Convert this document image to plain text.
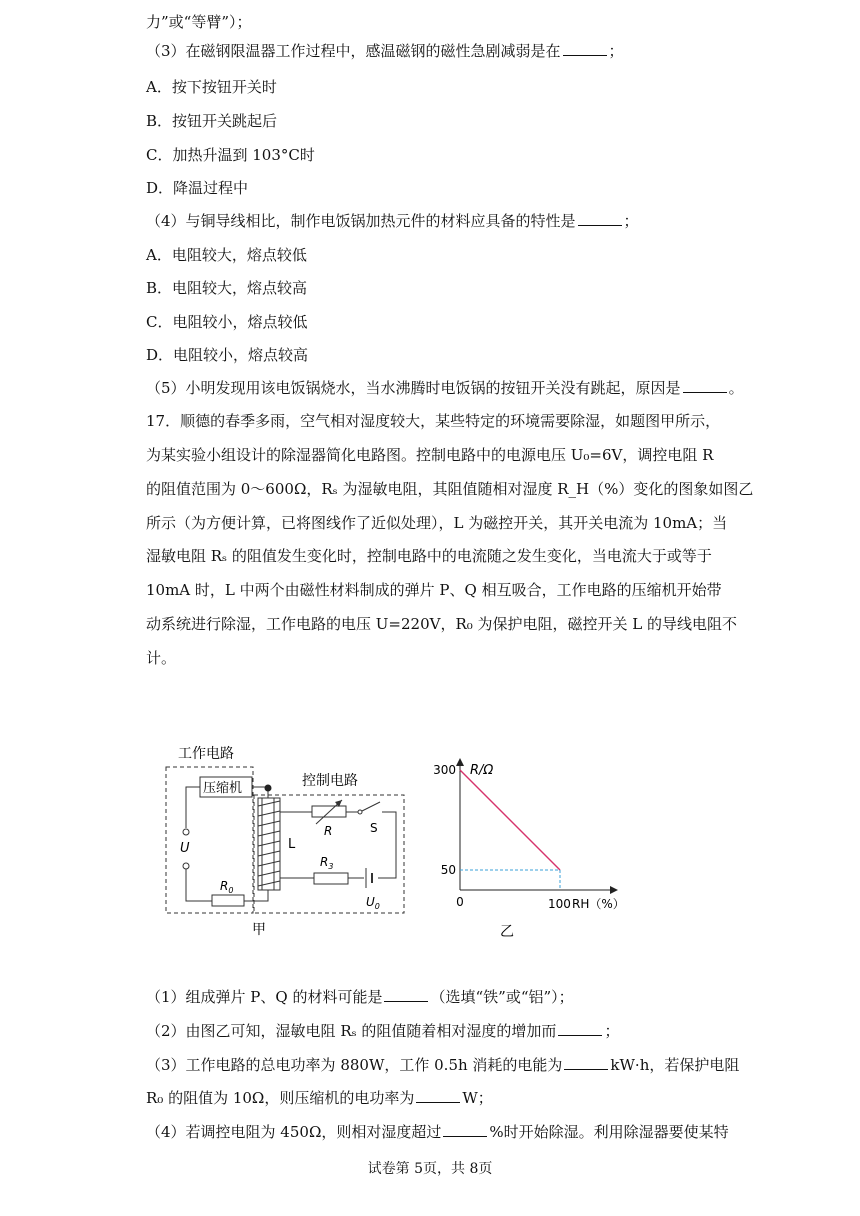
力”或“等臂”）；
（3）在磁钢限温器工作过程中，感温磁钢的磁性急剧减弱是在	；
A．按下按钮开关时
B．按钮开关跳起后
C．加热升温到 103°C时
D．降温过程中
（4）与铜导线相比，制作电饭锅加热元件的材料应具备的特性是	；
A．电阻较大，熔点较低
B．电阻较大，熔点较高
C．电阻较小，熔点较低
D．电阻较小，熔点较高
（5）小明发现用该电饭锅烧水，当水沸腾时电饭锅的按钮开关没有跳起，原因是	。
17．顺德的春季多雨，空气相对湿度较大，某些特定的环境需要除湿，如题图甲所示，
为某实验小组设计的除湿器简化电路图。控制电路中的电源电压 U₀=6V，调控电阻 R
的阻值范围为 0～600Ω，Rₛ 为湿敏电阻，其阻值随相对湿度 R_H（%）变化的图象如图乙
所示（为方便计算，已将图线作了近似处理），L 为磁控开关，其开关电流为 10mA；当
湿敏电阻 Rₛ 的阻值发生变化时，控制电路中的电流随之发生变化，当电流大于或等于
10mA 时，L 中两个由磁性材料制成的弹片 P、Q 相互吸合，工作电路的压缩机开始带
动系统进行除湿，工作电路的电压 U=220V，R₀ 为保护电阻，磁控开关 L 的导线电阻不
计。
工作电路
控制电路
压缩机
U
$R_0$
L
R	S
$R_3$
$U_0$
甲
R/Ω
300
50
0	100 RH（%）
乙
（1）组成弹片 P、Q 的材料可能是	（选填“铁”或“铝”）；
（2）由图乙可知，湿敏电阻 Rₛ 的阻值随着相对湿度的增加而	；
（3）工作电路的总电功率为 880W，工作 0.5h 消耗的电能为	kW·h，若保护电阻
R₀ 的阻值为 10Ω，则压缩机的电功率为	W；
（4）若调控电阻为 450Ω，则相对湿度超过	%时开始除湿。利用除湿器要使某特
试卷第 5页，共 8页
